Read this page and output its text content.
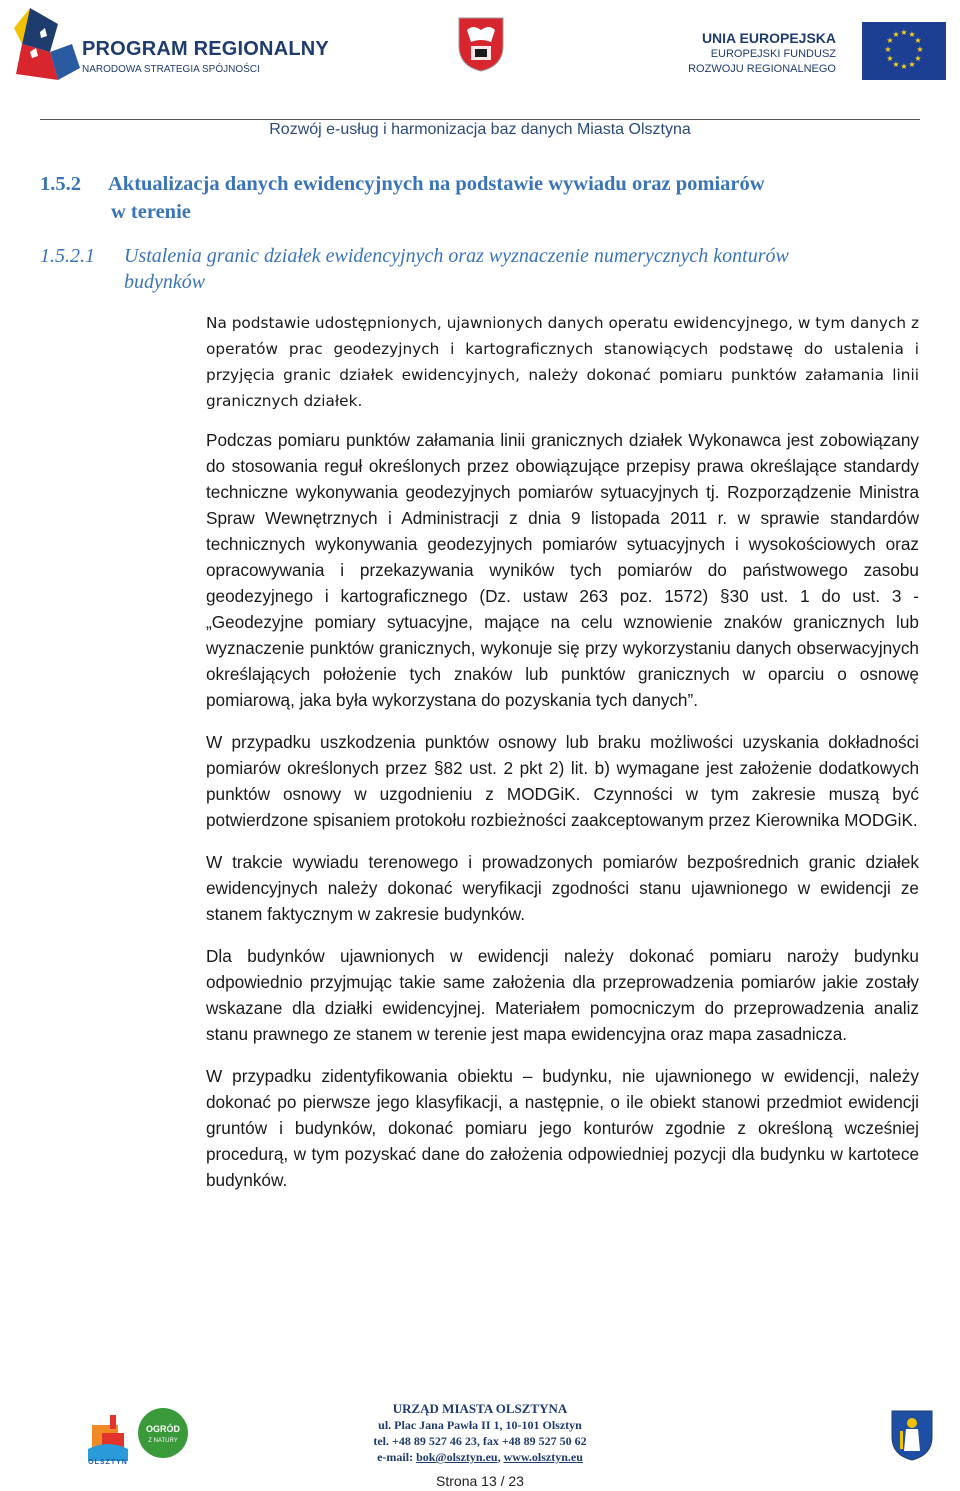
PROGRAM REGIONALNY
NARODOWA STRATEGIA SPÓJNOŚCI
UNIA EUROPEJSKA
EUROPEJSKI FUNDUSZ
ROZWOJU REGIONALNEGO
★ ★
★
★
★
★
★
★
★
★
★
★
Rozwój e-usług i harmonizacja baz danych Miasta Olsztyna
1.5.2 Aktualizacja danych ewidencyjnych na podstawie wywiadu oraz pomiarów
w terenie
1.5.2.1 Ustalenia granic działek ewidencyjnych oraz wyznaczenie numerycznych konturów
budynków

Na podstawie udostępnionych, ujawnionych danych operatu ewidencyjnego, w tym danych z operatów prac geodezyjnych i kartograficznych stanowiących podstawę do ustalenia i przyjęcia granic działek ewidencyjnych, należy dokonać pomiaru punktów załamania linii granicznych działek.

Podczas pomiaru punktów załamania linii granicznych działek Wykonawca jest zobowiązany do stosowania reguł określonych przez obowiązujące przepisy prawa określające standardy techniczne wykonywania geodezyjnych pomiarów sytuacyjnych tj. Rozporządzenie Ministra Spraw Wewnętrznych i Administracji z dnia 9 listopada 2011 r. w sprawie standardów technicznych wykonywania geodezyjnych pomiarów sytuacyjnych i wysokościowych oraz opracowywania i przekazywania wyników tych pomiarów do państwowego zasobu geodezyjnego i kartograficznego (Dz. ustaw 263 poz. 1572) §30 ust. 1 do ust. 3 - „Geodezyjne pomiary sytuacyjne, mające na celu wznowienie znaków granicznych lub wyznaczenie punktów granicznych, wykonuje się przy wykorzystaniu danych obserwacyjnych określających położenie tych znaków lub punktów granicznych w oparciu o osnowę pomiarową, jaka była wykorzystana do pozyskania tych danych”.

W przypadku uszkodzenia punktów osnowy lub braku możliwości uzyskania dokładności pomiarów określonych przez §82 ust. 2 pkt 2) lit. b) wymagane jest założenie dodatkowych punktów osnowy w uzgodnieniu z MODGiK. Czynności w tym zakresie muszą być potwierdzone spisaniem protokołu rozbieżności zaakceptowanym przez Kierownika MODGiK.

W trakcie wywiadu terenowego i prowadzonych pomiarów bezpośrednich granic działek ewidencyjnych należy dokonać weryfikacji zgodności stanu ujawnionego w ewidencji ze stanem faktycznym w zakresie budynków.

Dla budynków ujawnionych w ewidencji należy dokonać pomiaru naroży budynku odpowiednio przyjmując takie same założenia dla przeprowadzenia pomiarów jakie zostały wskazane dla działki ewidencyjnej. Materiałem pomocniczym do przeprowadzenia analiz stanu prawnego ze stanem w terenie jest mapa ewidencyjna oraz mapa zasadnicza.

W przypadku zidentyfikowania obiektu – budynku, nie ujawnionego w ewidencji, należy dokonać po pierwsze jego klasyfikacji, a następnie, o ile obiekt stanowi przedmiot ewidencji gruntów i budynków, dokonać pomiaru jego konturów zgodnie z określoną wcześniej procedurą, w tym pozyskać dane do założenia odpowiedniej pozycji dla budynku w kartotece budynków.

OLSZTYN
OGRÓD
Z NATURY
URZĄD MIASTA OLSZTYNA
ul. Plac Jana Pawła II 1, 10-101 Olsztyn
tel. +48 89 527 46 23, fax +48 89 527 50 62
e-mail: bok@olsztyn.eu, www.olsztyn.eu
Strona 13 / 23
